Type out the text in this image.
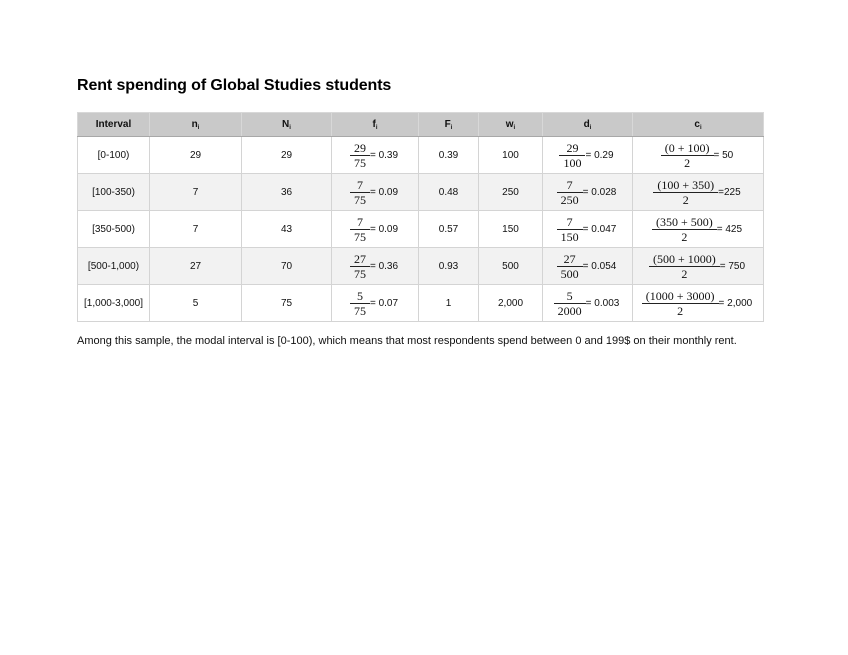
Rent spending of Global Studies students
Interval	$n_i$	$N_i$	$f_i$	$F_i$	$w_i$	$d_i$	$c_i$
[0-100)	29	29	$\frac{29}{75} = 0.39$	0.39	100	$\frac{29}{100} = 0.29$	$\frac{(0 + 100)}{2} = 50$

[100-350)	7	36	$\frac{7}{75} = 0.09$	0.48	250	$\frac{7}{250} = 0.028$	$\frac{(100 + 350)}{2} =225$

[350-500)	7	43	$\frac{7}{75} = 0.09$	0.57	150	$\frac{7}{150} = 0.047$	$\frac{(350 + 500)}{2} = 425$

[500-1,000)	27	70	$\frac{27}{75} = 0.36$	0.93	500	$\frac{27}{500} = 0.054$	$\frac{(500 + 1000)}{2} = 750$

[1,000-3,000]	5	75	$\frac{5}{75} = 0.07$	1	2,000	$\frac{5}{2000} = 0.003$	$\frac{(1000 + 3000)}{2} = 2,000$
Among this sample, the modal interval is [0-100), which means that most respondents spend between 0 and 199$ on their monthly rent.
